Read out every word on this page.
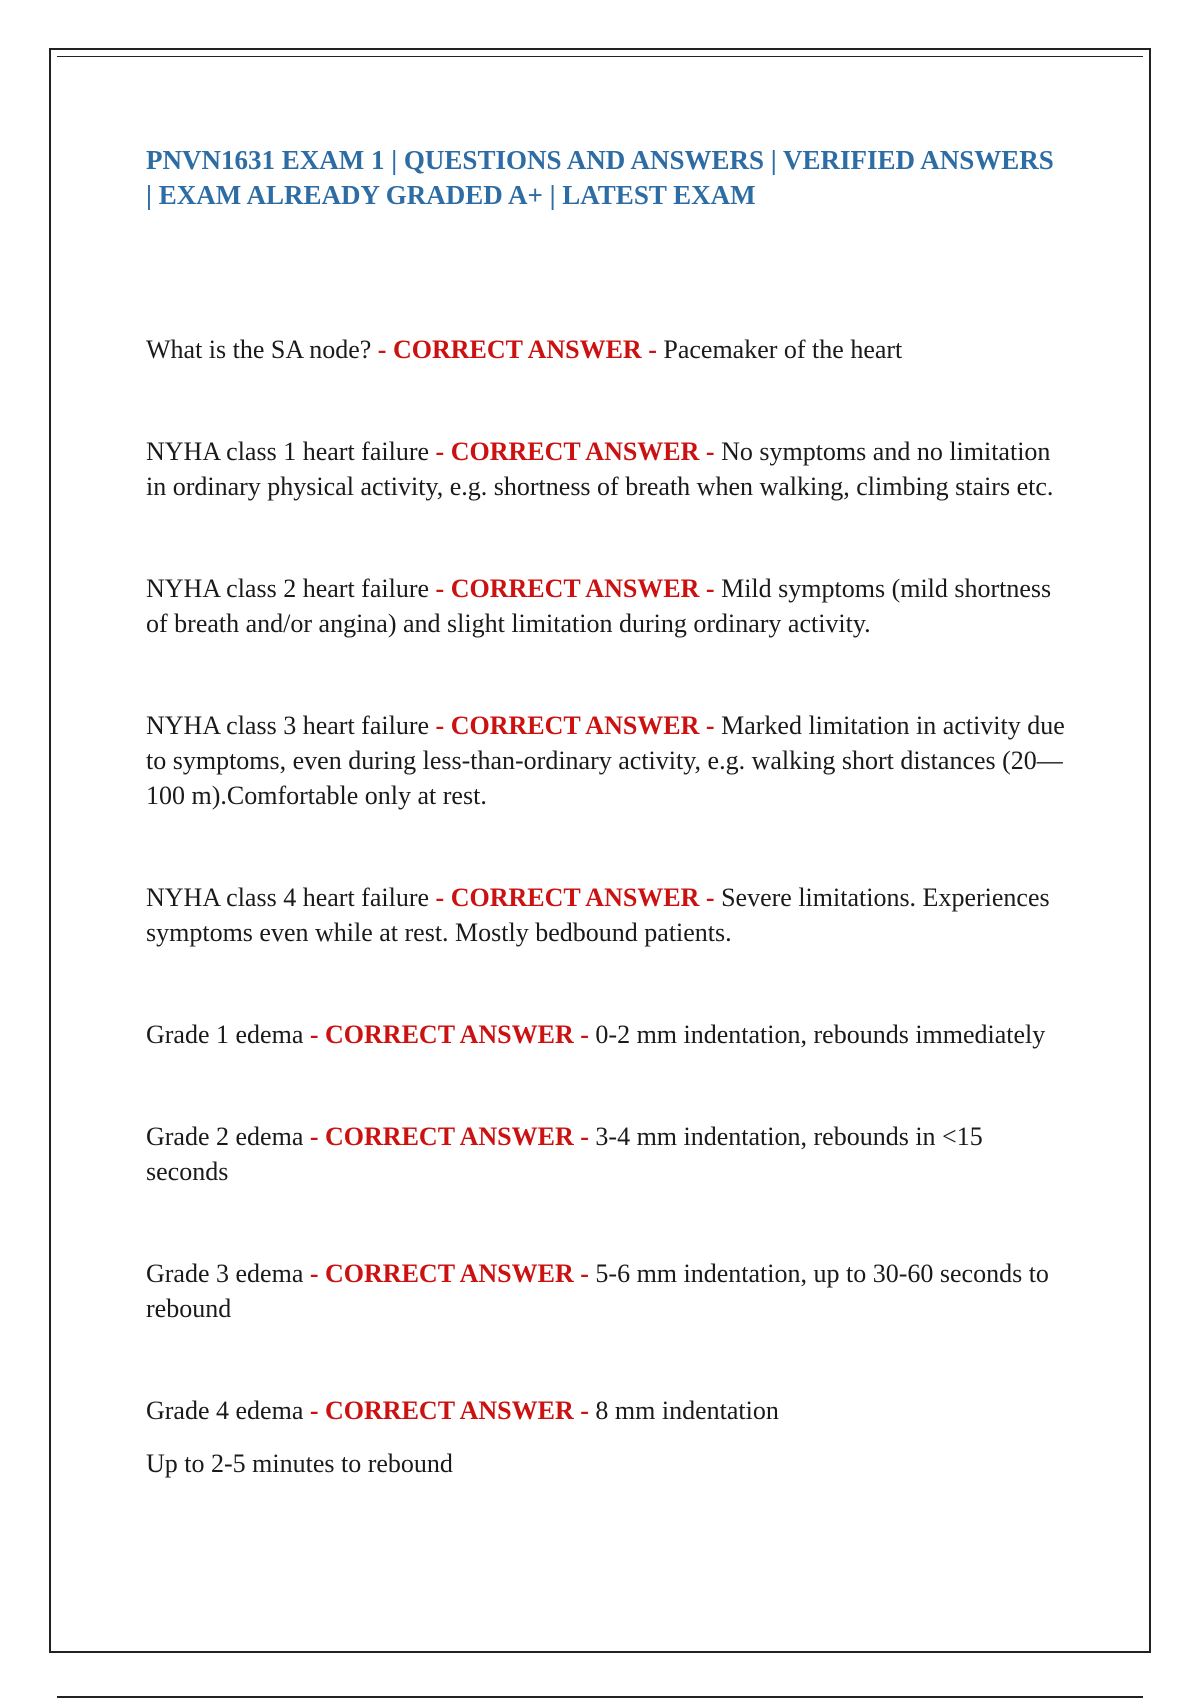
PNVN1631 EXAM 1 | QUESTIONS AND ANSWERS | VERIFIED ANSWERS | EXAM ALREADY GRADED A+ | LATEST EXAM

What is the SA node? - CORRECT ANSWER - Pacemaker of the heart

NYHA class 1 heart failure - CORRECT ANSWER - No symptoms and no limitation in ordinary physical activity, e.g. shortness of breath when walking, climbing stairs etc.

NYHA class 2 heart failure - CORRECT ANSWER - Mild symptoms (mild shortness of breath and/or angina) and slight limitation during ordinary activity.

NYHA class 3 heart failure - CORRECT ANSWER - Marked limitation in activity due to symptoms, even during less-than-ordinary activity, e.g. walking short distances (20—100 m).Comfortable only at rest.

NYHA class 4 heart failure - CORRECT ANSWER - Severe limitations. Experiences symptoms even while at rest. Mostly bedbound patients.

Grade 1 edema - CORRECT ANSWER - 0-2 mm indentation, rebounds immediately

Grade 2 edema - CORRECT ANSWER - 3-4 mm indentation, rebounds in <15 seconds

Grade 3 edema - CORRECT ANSWER - 5-6 mm indentation, up to 30-60 seconds to rebound

Grade 4 edema - CORRECT ANSWER - 8 mm indentation
Up to 2-5 minutes to rebound
